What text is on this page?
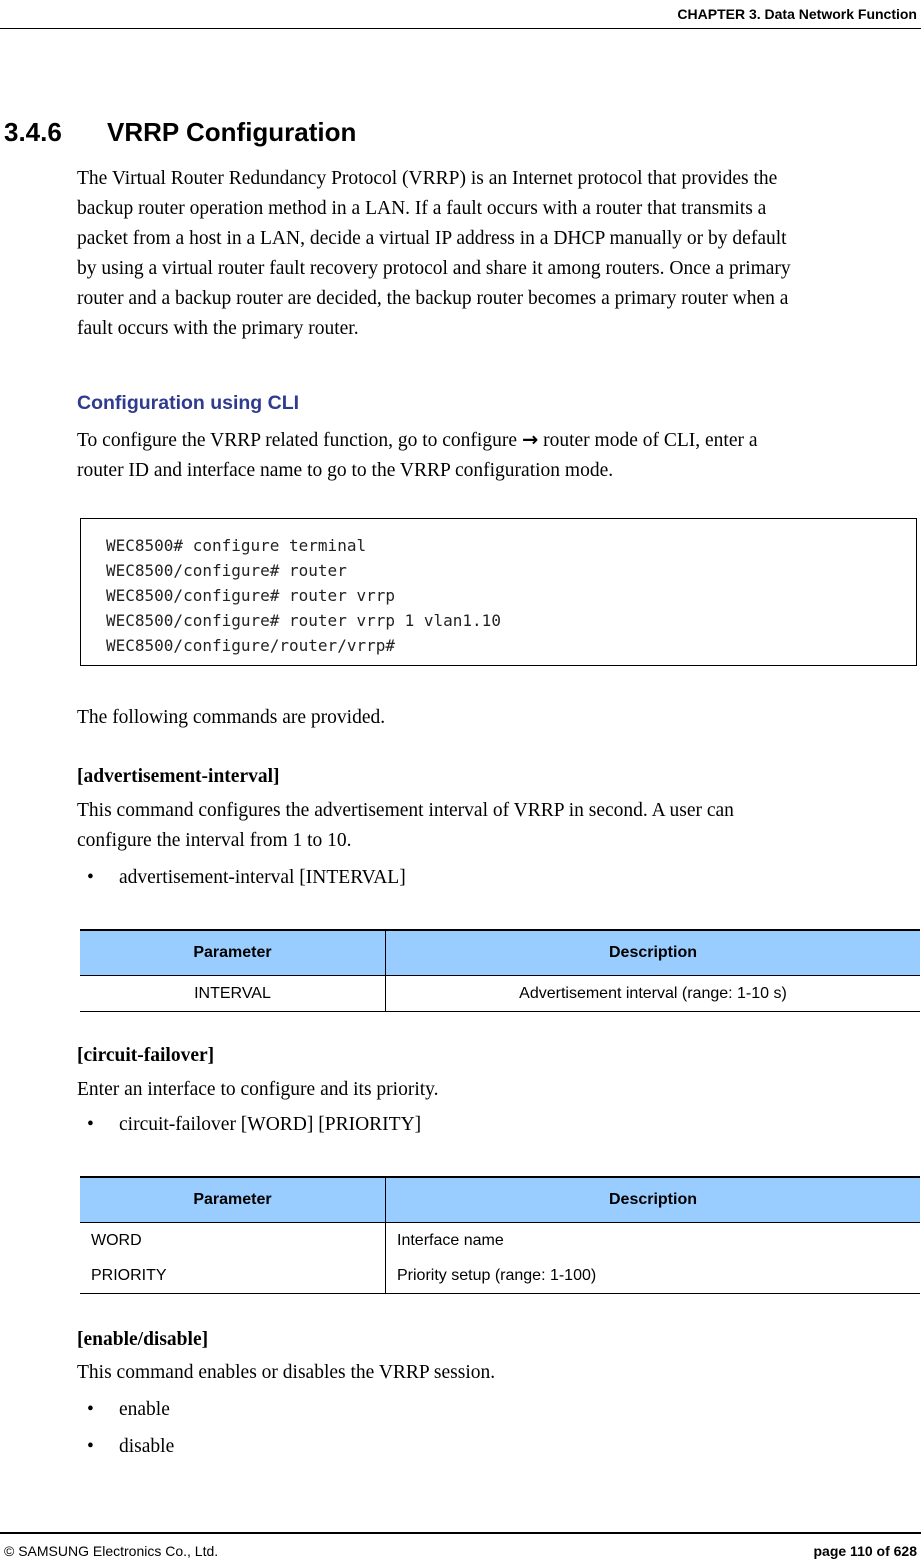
CHAPTER 3. Data Network Function
3.4.6 VRRP Configuration
The Virtual Router Redundancy Protocol (VRRP) is an Internet protocol that provides the
backup router operation method in a LAN. If a fault occurs with a router that transmits a
packet from a host in a LAN, decide a virtual IP address in a DHCP manually or by default
by using a virtual router fault recovery protocol and share it among routers. Once a primary
router and a backup router are decided, the backup router becomes a primary router when a
fault occurs with the primary router.
Configuration using CLI
To configure the VRRP related function, go to configure → router mode of CLI, enter a
router ID and interface name to go to the VRRP configuration mode.
WEC8500# configure terminal
WEC8500/configure# router
WEC8500/configure# router vrrp
WEC8500/configure# router vrrp 1 vlan1.10
WEC8500/configure/router/vrrp#
The following commands are provided.
[advertisement-interval]
This command configures the advertisement interval of VRRP in second. A user can
configure the interval from 1 to 10.
• advertisement-interval [INTERVAL]
Parameter	Description
INTERVAL	Advertisement interval (range: 1-10 s)
[circuit-failover]
Enter an interface to configure and its priority.
• circuit-failover [WORD] [PRIORITY]
Parameter	Description
WORD	Interface name
PRIORITY	Priority setup (range: 1-100)
[enable/disable]
This command enables or disables the VRRP session.
• enable
• disable
© SAMSUNG Electronics Co., Ltd.	page 110 of 628
